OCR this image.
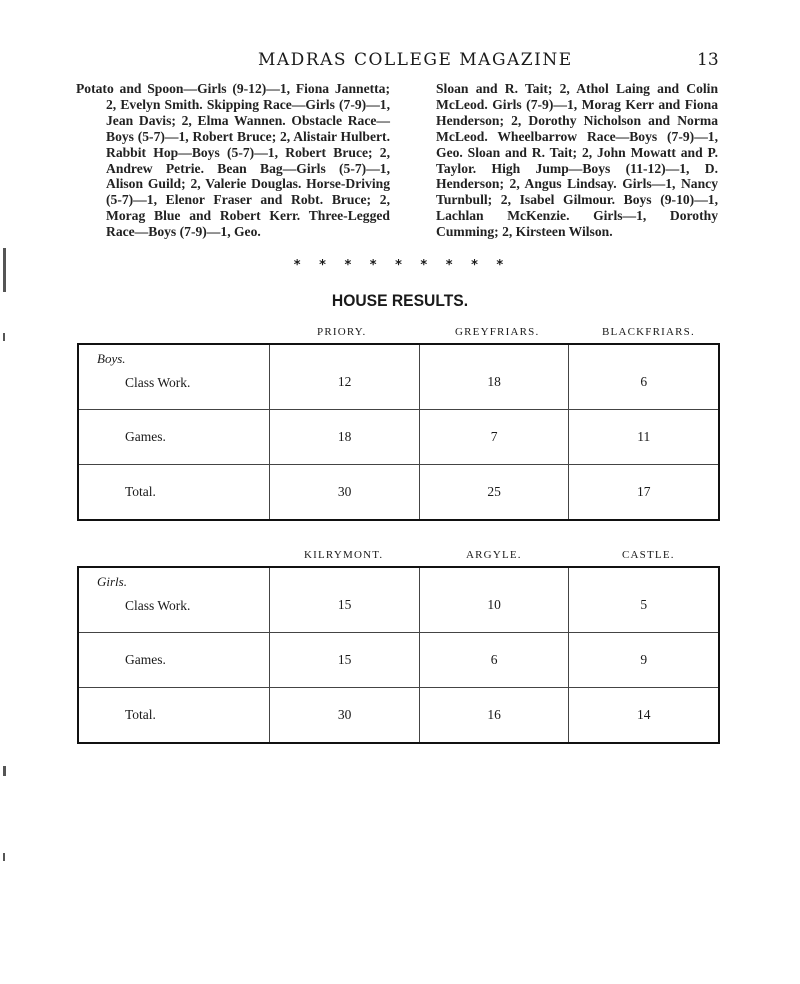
MADRAS COLLEGE MAGAZINE	13

Potato and Spoon—Girls (9-12)—1, Fiona Jannetta; 2, Evelyn Smith. Skipping Race—Girls (7-9)—1, Jean Davis; 2, Elma Wannen. Obstacle Race—Boys (5-7)—1, Robert Bruce; 2, Alistair Hulbert. Rabbit Hop—Boys (5-7)—1, Robert Bruce; 2, Andrew Petrie. Bean Bag—Girls (5-7)—1, Alison Guild; 2, Valerie Douglas. Horse-Driving (5-7)—1, Elenor Fraser and Robt. Bruce; 2, Morag Blue and Robert Kerr. Three-Legged Race—Boys (7-9)—1, Geo.

Sloan and R. Tait; 2, Athol Laing and Colin McLeod. Girls (7-9)—1, Morag Kerr and Fiona Henderson; 2, Dorothy Nicholson and Norma McLeod. Wheelbarrow Race—Boys (7-9)—1, Geo. Sloan and R. Tait; 2, John Mowatt and P. Taylor. High Jump—Boys (11-12)—1, D. Henderson; 2, Angus Lindsay. Girls—1, Nancy Turnbull; 2, Isabel Gilmour. Boys (9-10)—1, Lachlan McKenzie. Girls—1, Dorothy Cumming; 2, Kirsteen Wilson.

* * * * * * * * *
HOUSE RESULTS.
PRIORY.	GREYFRIARS.	BLACKFRIARS.
Boys.
Class Work.	12	18	6
Games.	18	7	11
Total.	30	25	17
KILRYMONT.	ARGYLE.	CASTLE.
Girls.
Class Work.	15	10	5
Games.	15	6	9
Total.	30	16	14
